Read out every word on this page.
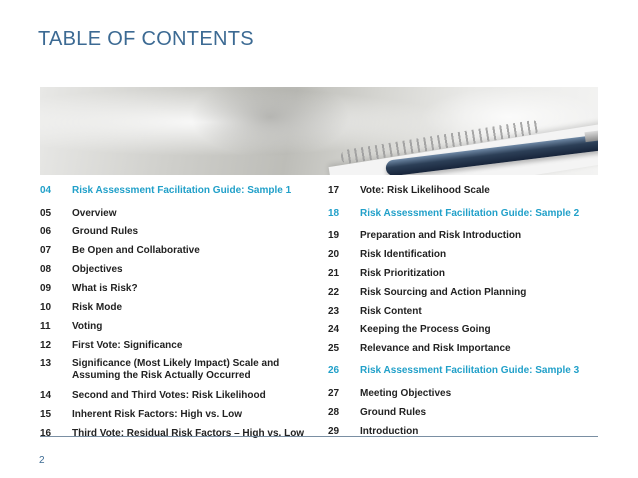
TABLE OF CONTENTS
04	Risk Assessment Facilitation Guide: Sample 1
05	Overview
06	Ground Rules
07	Be Open and Collaborative
08	Objectives
09	What is Risk?
10	Risk Mode
11	Voting
12	First Vote: Significance
13	Significance (Most Likely Impact) Scale and
Assuming the Risk Actually Occurred
14	Second and Third Votes: Risk Likelihood
15	Inherent Risk Factors: High vs. Low
16	Third Vote: Residual Risk Factors – High vs. Low
17	Vote: Risk Likelihood Scale
18	Risk Assessment Facilitation Guide: Sample 2
19	Preparation and Risk Introduction
20	Risk Identification
21	Risk Prioritization
22	Risk Sourcing and Action Planning
23	Risk Content
24	Keeping the Process Going
25	Relevance and Risk Importance
26	Risk Assessment Facilitation Guide: Sample 3
27	Meeting Objectives
28	Ground Rules
29	Introduction
2
